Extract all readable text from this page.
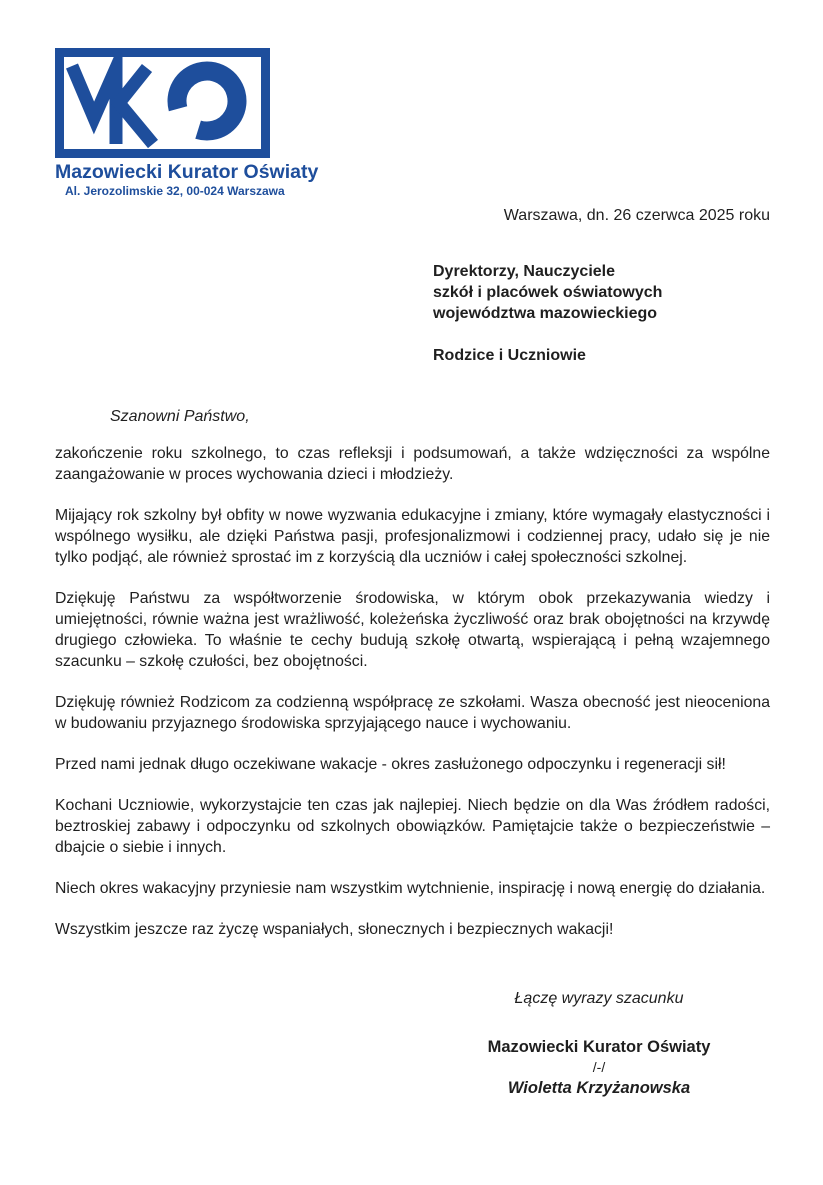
Mazowiecki Kurator Oświaty
Al. Jerozolimskie 32, 00-024 Warszawa
Warszawa, dn. 26 czerwca 2025 roku
Dyrektorzy, Nauczyciele
szkół i placówek oświatowych
województwa mazowieckiego
Rodzice i Uczniowie

Szanowni Państwo,

zakończenie roku szkolnego, to czas refleksji i podsumowań, a także wdzięczności za wspólne zaangażowanie w proces wychowania dzieci i młodzieży.

Mijający rok szkolny był obfity w nowe wyzwania edukacyjne i zmiany, które wymagały elastyczności i wspólnego wysiłku, ale dzięki Państwa pasji, profesjonalizmowi i codziennej pracy, udało się je nie tylko podjąć, ale również sprostać im z korzyścią dla uczniów i całej społeczności szkolnej.

Dziękuję Państwu za współtworzenie środowiska, w którym obok przekazywania wiedzy i umiejętności, równie ważna jest wrażliwość, koleżeńska życzliwość oraz brak obojętności na krzywdę drugiego człowieka. To właśnie te cechy budują szkołę otwartą, wspierającą i pełną wzajemnego szacunku – szkołę czułości, bez obojętności.

Dziękuję również Rodzicom za codzienną współpracę ze szkołami. Wasza obecność jest nieoceniona w budowaniu przyjaznego środowiska sprzyjającego nauce i wychowaniu.

Przed nami jednak długo oczekiwane wakacje - okres zasłużonego odpoczynku i regeneracji sił!

Kochani Uczniowie, wykorzystajcie ten czas jak najlepiej. Niech będzie on dla Was źródłem radości, beztroskiej zabawy i odpoczynku od szkolnych obowiązków. Pamiętajcie także o bezpieczeństwie – dbajcie o siebie i innych.

Niech okres wakacyjny przyniesie nam wszystkim wytchnienie, inspirację i nową energię do działania.

Wszystkim jeszcze raz życzę wspaniałych, słonecznych i bezpiecznych wakacji!

Łączę wyrazy szacunku
Mazowiecki Kurator Oświaty
/-/
Wioletta Krzyżanowska
